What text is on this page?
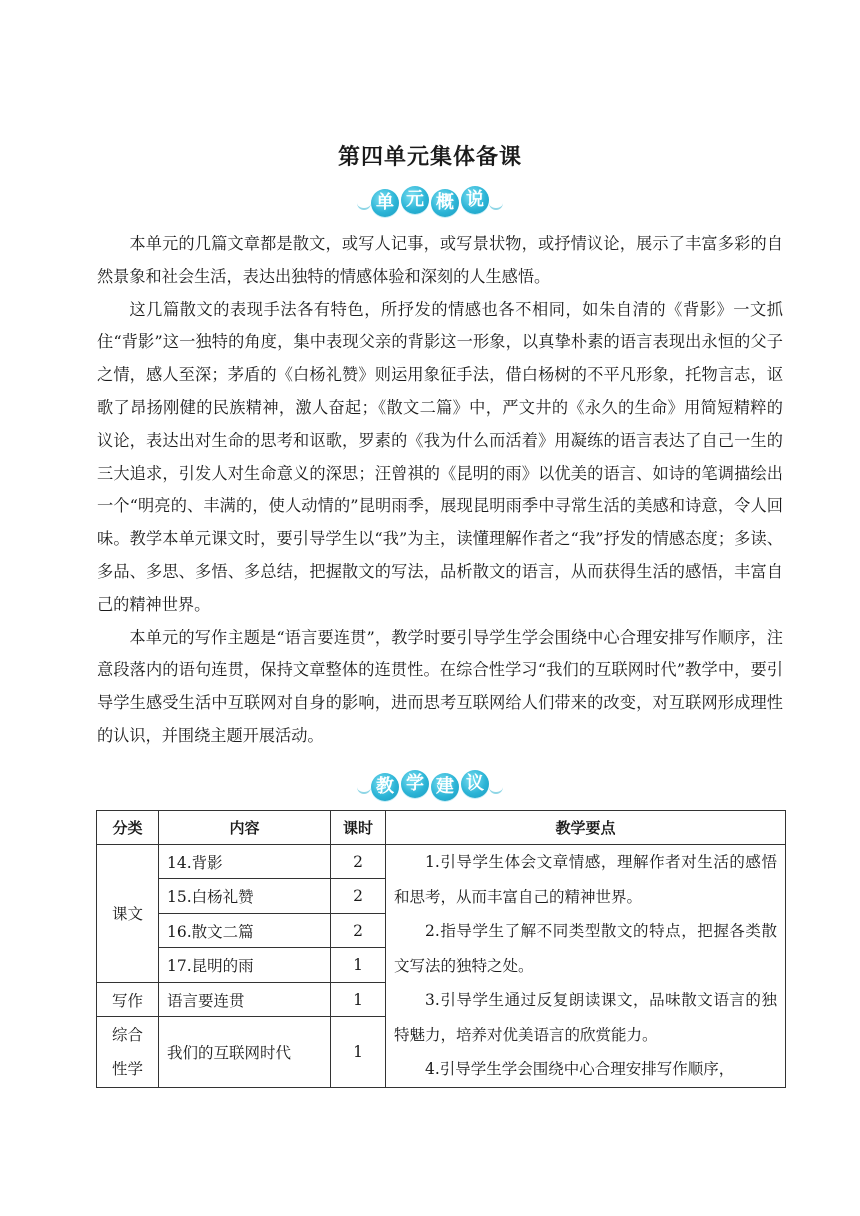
第四单元集体备课
单 元 概 说

本单元的几篇文章都是散文，或写人记事，或写景状物，或抒情议论，展示了丰富多彩的自然景象和社会生活，表达出独特的情感体验和深刻的人生感悟。

这几篇散文的表现手法各有特色，所抒发的情感也各不相同，如朱自清的《背影》一文抓住“背影”这一独特的角度，集中表现父亲的背影这一形象，以真挚朴素的语言表现出永恒的父子之情，感人至深；茅盾的《白杨礼赞》则运用象征手法，借白杨树的不平凡形象，托物言志，讴歌了昂扬刚健的民族精神，激人奋起；《散文二篇》中，严文井的《永久的生命》用简短精粹的议论，表达出对生命的思考和讴歌，罗素的《我为什么而活着》用凝练的语言表达了自己一生的三大追求，引发人对生命意义的深思；汪曾祺的《昆明的雨》以优美的语言、如诗的笔调描绘出一个“明亮的、丰满的，使人动情的”昆明雨季，展现昆明雨季中寻常生活的美感和诗意，令人回味。教学本单元课文时，要引导学生以“我”为主，读懂理解作者之“我”抒发的情感态度；多读、多品、多思、多悟、多总结，把握散文的写法，品析散文的语言，从而获得生活的感悟，丰富自己的精神世界。

本单元的写作主题是“语言要连贯”，教学时要引导学生学会围绕中心合理安排写作顺序，注意段落内的语句连贯，保持文章整体的连贯性。在综合性学习“我们的互联网时代”教学中，要引导学生感受生活中互联网对自身的影响，进而思考互联网给人们带来的改变，对互联网形成理性的认识，并围绕主题开展活动。

教 学 建 议
分类	内容	课时	教学要点
课文	14.背影	2	1.引导学生体会文章情感，理解作者对生活的感悟和思考，从而丰富自己的精神世界。

2.指导学生了解不同类型散文的特点，把握各类散文写法的独特之处。

3.引导学生通过反复朗读课文，品味散文语言的独特魅力，培养对优美语言的欣赏能力。

4.引导学生学会围绕中心合理安排写作顺序，

	15.白杨礼赞	2	
	16.散文二篇	2	
	17.昆明的雨	1	
写作	语言要连贯	1	

综合
性学	我们的互联网时代	1	
